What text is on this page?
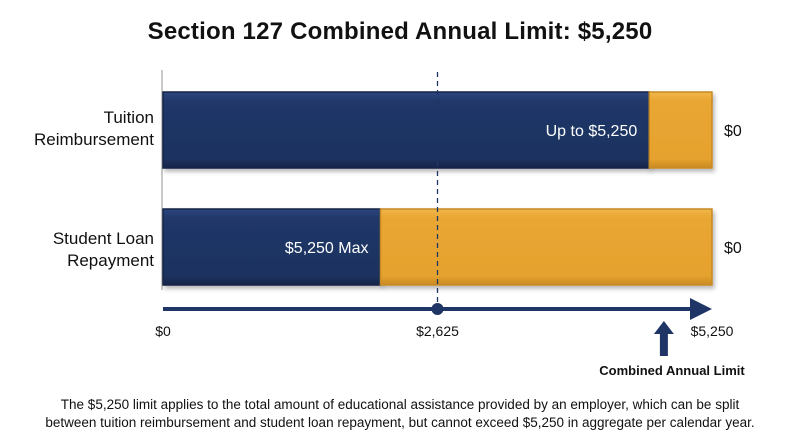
Section 127 Combined Annual Limit: $5,250
Tuition
Reimbursement
Student Loan
Repayment
Up to $5,250	$0
$5,250 Max	$0
$0	$2,625	$5,250
Combined Annual Limit
The $5,250 limit applies to the total amount of educational assistance provided by an employer, which can be split between tuition reimbursement and student loan repayment, but cannot exceed $5,250 in aggregate per calendar year.
